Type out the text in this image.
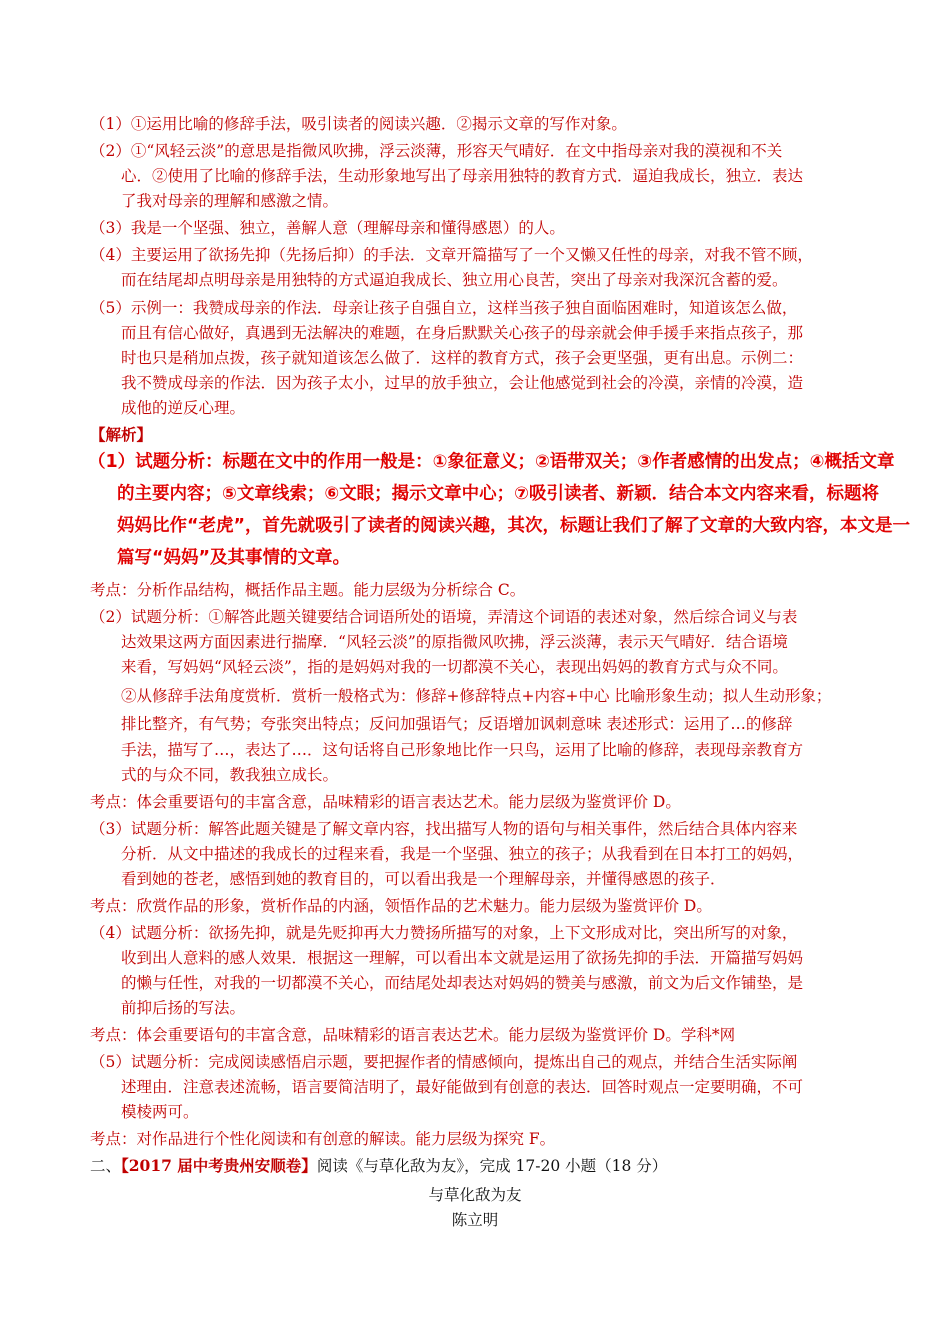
（1）①运用比喻的修辞手法，吸引读者的阅读兴趣．②揭示文章的写作对象。
（2）①“风轻云淡”的意思是指微风吹拂，浮云淡薄，形容天气晴好．在文中指母亲对我的漠视和不关
心．②使用了比喻的修辞手法，生动形象地写出了母亲用独特的教育方式．逼迫我成长，独立．表达
了我对母亲的理解和感激之情。
（3）我是一个坚强、独立，善解人意（理解母亲和懂得感恩）的人。
（4）主要运用了欲扬先抑（先扬后抑）的手法．文章开篇描写了一个又懒又任性的母亲，对我不管不顾，
而在结尾却点明母亲是用独特的方式逼迫我成长、独立用心良苦，突出了母亲对我深沉含蓄的爱。
（5）示例一：我赞成母亲的作法．母亲让孩子自强自立，这样当孩子独自面临困难时，知道该怎么做，
而且有信心做好，真遇到无法解决的难题，在身后默默关心孩子的母亲就会伸手援手来指点孩子，那
时也只是稍加点拨，孩子就知道该怎么做了．这样的教育方式，孩子会更坚强，更有出息。示例二：
我不赞成母亲的作法．因为孩子太小，过早的放手独立，会让他感觉到社会的冷漠，亲情的冷漠，造
成他的逆反心理。
【解析】
（1）试题分析：标题在文中的作用一般是：①象征意义；②语带双关；③作者感情的出发点；④概括文章
的主要内容；⑤文章线索；⑥文眼；揭示文章中心；⑦吸引读者、新颖．结合本文内容来看，标题将
妈妈比作“老虎”，首先就吸引了读者的阅读兴趣，其次，标题让我们了解了文章的大致内容，本文是一
篇写“妈妈”及其事情的文章。
考点：分析作品结构，概括作品主题。能力层级为分析综合 C。
（2）试题分析：①解答此题关键要结合词语所处的语境，弄清这个词语的表述对象，然后综合词义与表
达效果这两方面因素进行揣摩．“风轻云淡”的原指微风吹拂，浮云淡薄，表示天气晴好．结合语境
来看，写妈妈“风轻云淡”，指的是妈妈对我的一切都漠不关心，表现出妈妈的教育方式与众不同。
②从修辞手法角度赏析．赏析一般格式为：修辞+修辞特点+内容+中心 比喻形象生动；拟人生动形象；
排比整齐，有气势；夸张突出特点；反问加强语气；反语增加讽刺意味 表述形式：运用了…的修辞
手法，描写了…，表达了…．这句话将自己形象地比作一只鸟，运用了比喻的修辞，表现母亲教育方
式的与众不同，教我独立成长。
考点：体会重要语句的丰富含意，品味精彩的语言表达艺术。能力层级为鉴赏评价 D。
（3）试题分析：解答此题关键是了解文章内容，找出描写人物的语句与相关事件，然后结合具体内容来
分析．从文中描述的我成长的过程来看，我是一个坚强、独立的孩子；从我看到在日本打工的妈妈，
看到她的苍老，感悟到她的教育目的，可以看出我是一个理解母亲，并懂得感恩的孩子．
考点：欣赏作品的形象，赏析作品的内涵，领悟作品的艺术魅力。能力层级为鉴赏评价 D。
（4）试题分析：欲扬先抑，就是先贬抑再大力赞扬所描写的对象，上下文形成对比，突出所写的对象，
收到出人意料的感人效果．根据这一理解，可以看出本文就是运用了欲扬先抑的手法．开篇描写妈妈
的懒与任性，对我的一切都漠不关心，而结尾处却表达对妈妈的赞美与感激，前文为后文作铺垫，是
前抑后扬的写法。
考点：体会重要语句的丰富含意，品味精彩的语言表达艺术。能力层级为鉴赏评价 D。学科*网
（5）试题分析：完成阅读感悟启示题，要把握作者的情感倾向，提炼出自己的观点，并结合生活实际阐
述理由．注意表述流畅，语言要简洁明了，最好能做到有创意的表达．回答时观点一定要明确，不可
模棱两可。
考点：对作品进行个性化阅读和有创意的解读。能力层级为探究 F。
二、【2017 届中考贵州安顺卷】阅读《与草化敌为友》，完成 17-20 小题（18 分）
与草化敌为友
陈立明
